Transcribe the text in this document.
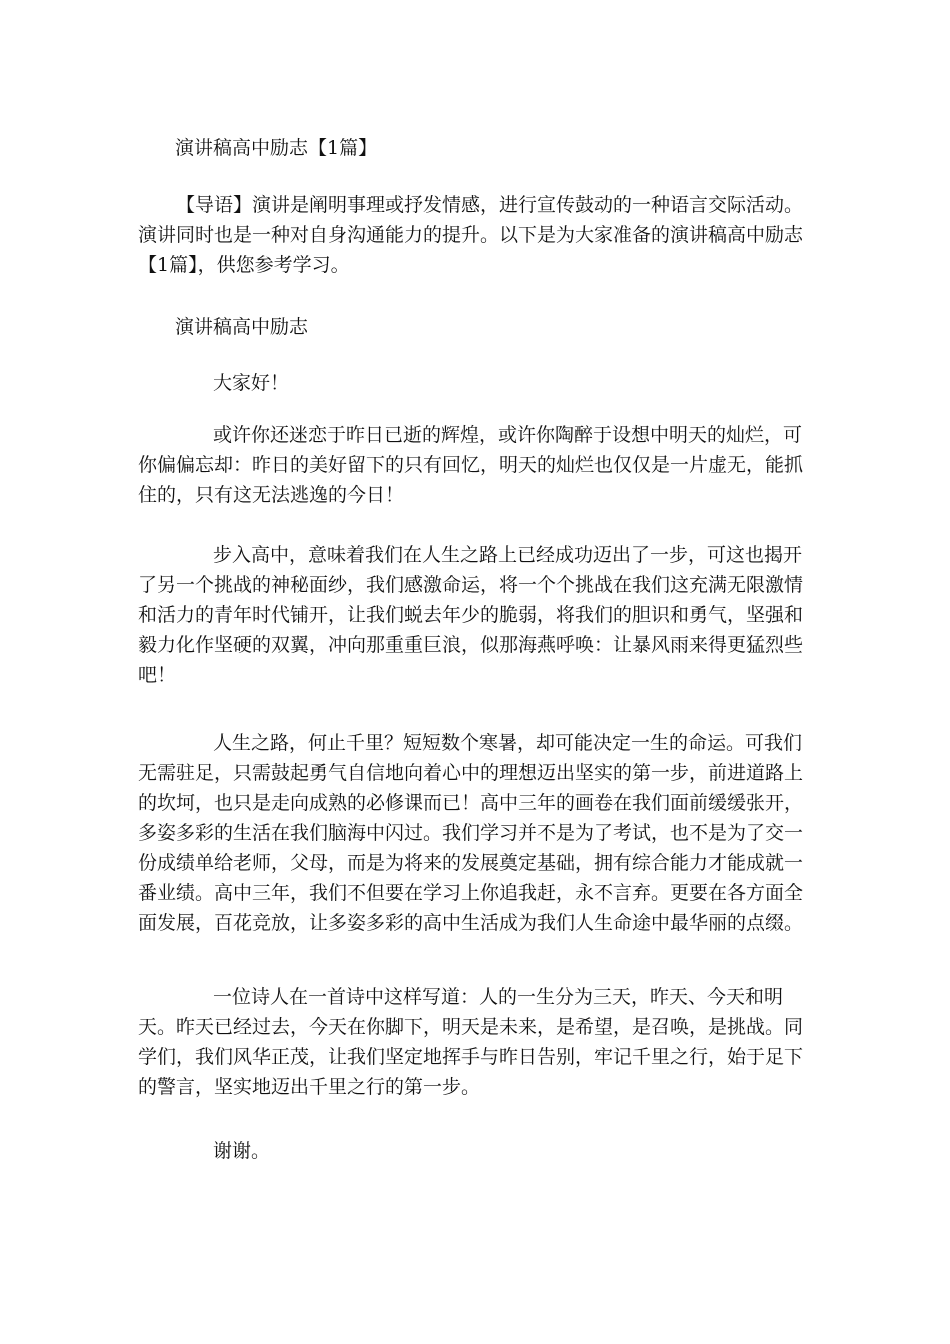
演讲稿高中励志【1篇】

【导语】演讲是阐明事理或抒发情感，进行宣传鼓动的一种语言交际活动。演讲同时也是一种对自身沟通能力的提升。以下是为大家准备的演讲稿高中励志【1篇】，供您参考学习。

演讲稿高中励志

大家好！

或许你还迷恋于昨日已逝的辉煌，或许你陶醉于设想中明天的灿烂，可你偏偏忘却：昨日的美好留下的只有回忆，明天的灿烂也仅仅是一片虚无，能抓住的，只有这无法逃逸的今日！

步入高中，意味着我们在人生之路上已经成功迈出了一步，可这也揭开了另一个挑战的神秘面纱，我们感激命运，将一个个挑战在我们这充满无限激情和活力的青年时代铺开，让我们蜕去年少的脆弱，将我们的胆识和勇气，坚强和毅力化作坚硬的双翼，冲向那重重巨浪，似那海燕呼唤：让暴风雨来得更猛烈些吧！

人生之路，何止千里？短短数个寒暑，却可能决定一生的命运。可我们无需驻足，只需鼓起勇气自信地向着心中的理想迈出坚实的第一步，前进道路上的坎坷，也只是走向成熟的必修课而已！高中三年的画卷在我们面前缓缓张开，多姿多彩的生活在我们脑海中闪过。我们学习并不是为了考试，也不是为了交一份成绩单给老师，父母，而是为将来的发展奠定基础，拥有综合能力才能成就一番业绩。高中三年，我们不但要在学习上你追我赶，永不言弃。更要在各方面全面发展，百花竞放，让多姿多彩的高中生活成为我们人生命途中最华丽的点缀。

一位诗人在一首诗中这样写道：人的一生分为三天，昨天、今天和明天。昨天已经过去，今天在你脚下，明天是未来，是希望，是召唤，是挑战。同学们，我们风华正茂，让我们坚定地挥手与昨日告别，牢记千里之行，始于足下的警言，坚实地迈出千里之行的第一步。

谢谢。
